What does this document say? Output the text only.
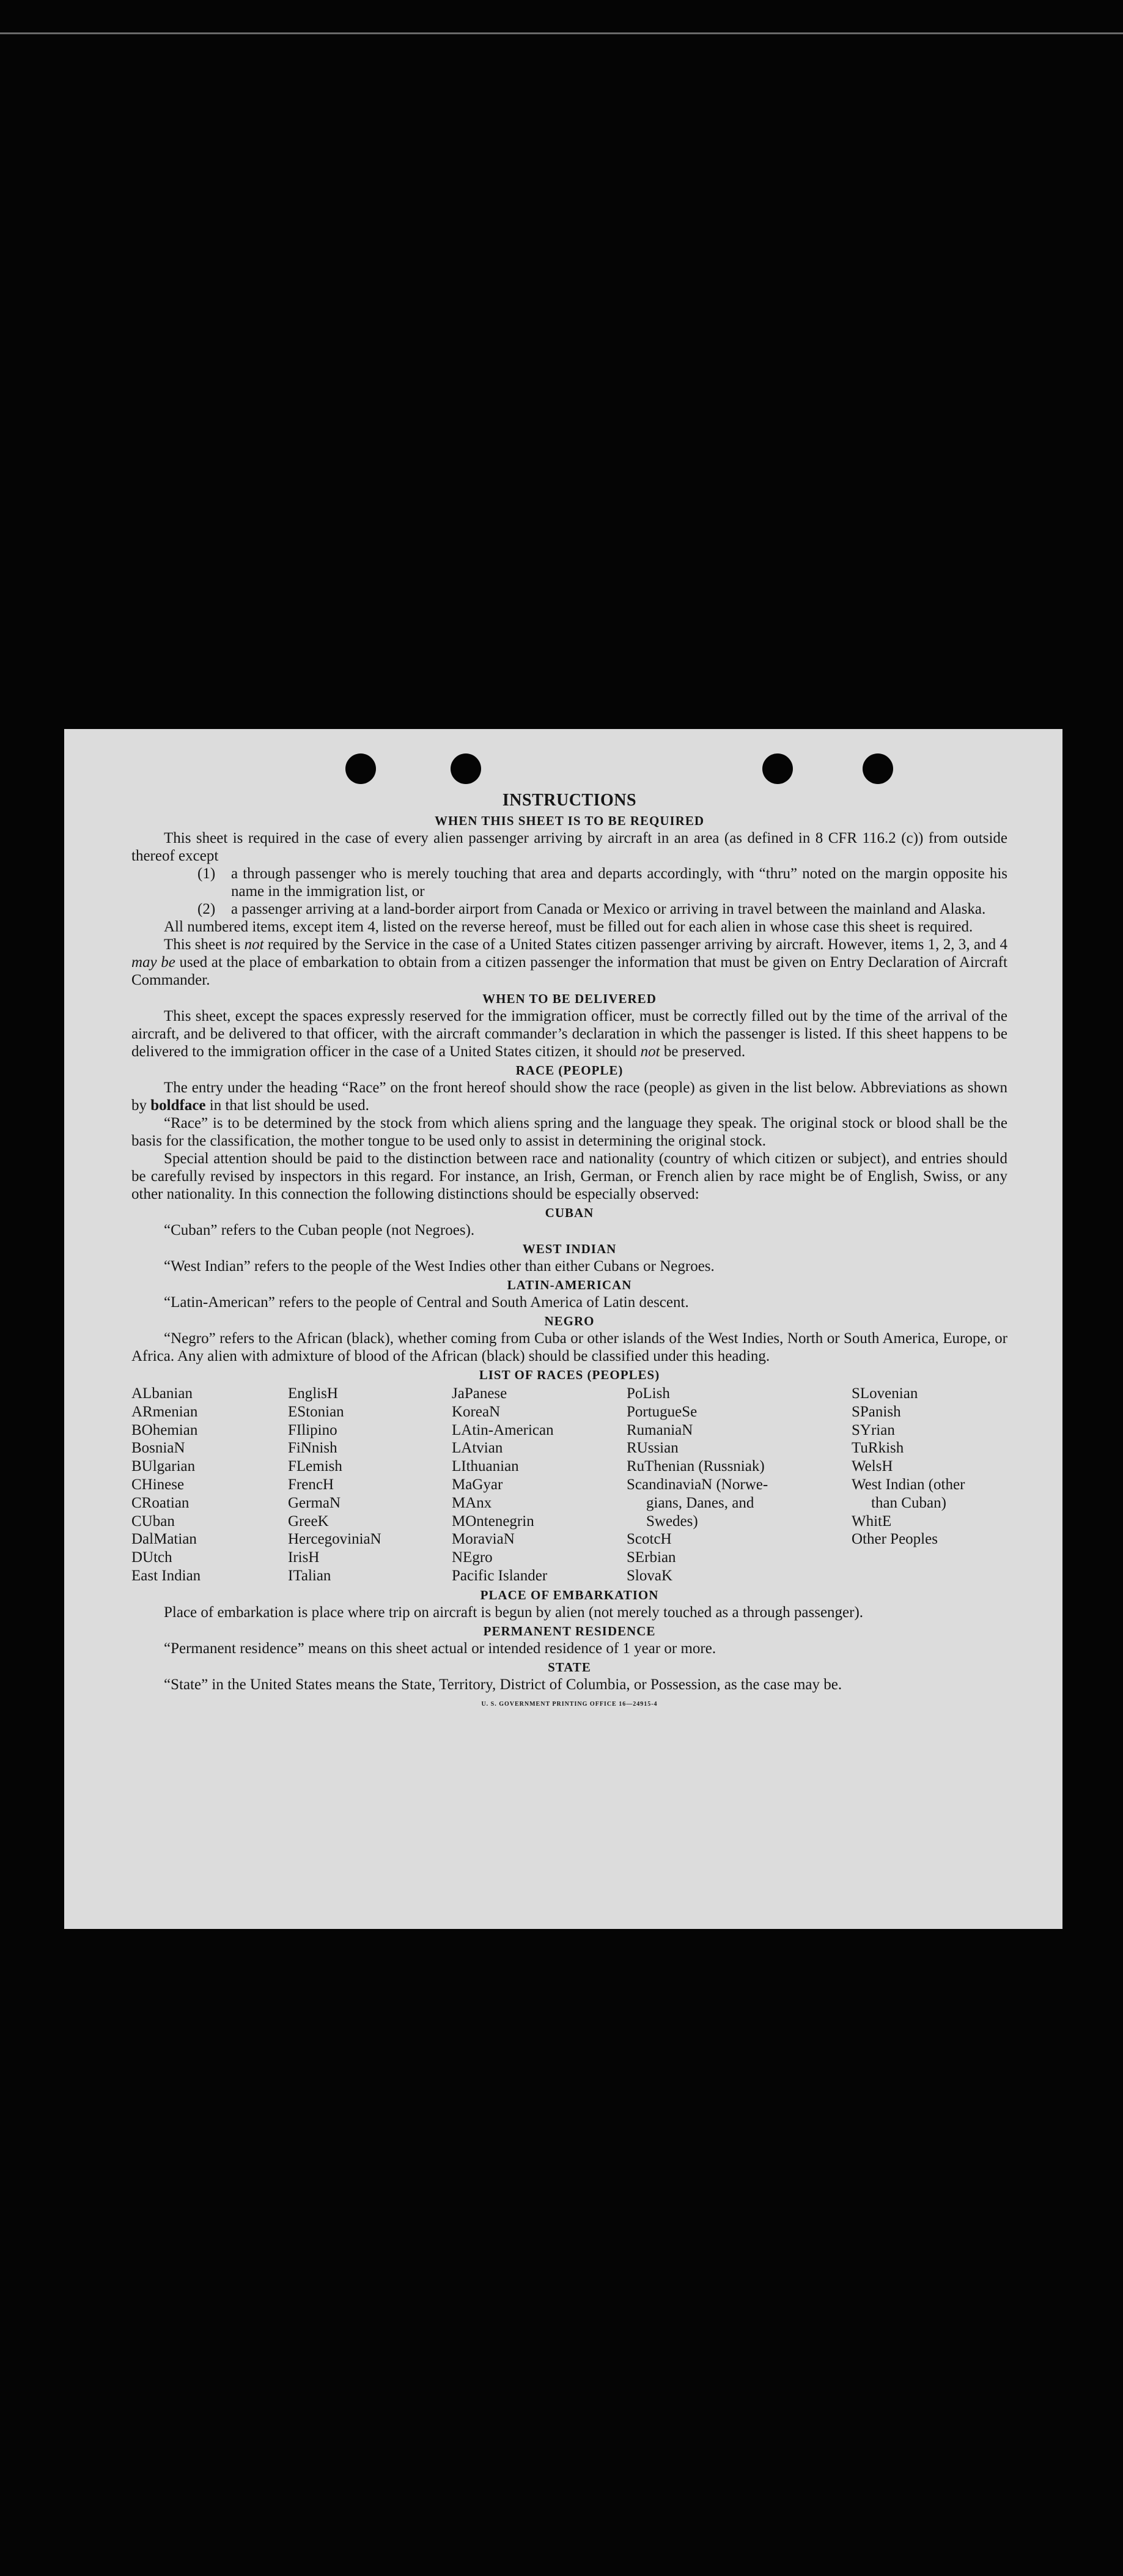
INSTRUCTIONS
WHEN THIS SHEET IS TO BE REQUIRED

This sheet is required in the case of every alien passenger arriving by aircraft in an area (as defined in 8 CFR 116.2 (c)) from outside thereof except

(1)	a through passenger who is merely touching that area and departs accordingly, with “thru” noted on the margin opposite his name in the immigration list, or

(2)	a passenger arriving at a land-border airport from Canada or Mexico or arriving in travel between the mainland and Alaska.

All numbered items, except item 4, listed on the reverse hereof, must be filled out for each alien in whose case this sheet is required.

This sheet is not required by the Service in the case of a United States citizen passenger arriving by aircraft. However, items 1, 2, 3, and 4 may be used at the place of embarkation to obtain from a citizen passenger the information that must be given on Entry Declaration of Aircraft Commander.

WHEN TO BE DELIVERED

This sheet, except the spaces expressly reserved for the immigration officer, must be correctly filled out by the time of the arrival of the aircraft, and be delivered to that officer, with the aircraft commander’s declaration in which the passenger is listed. If this sheet happens to be delivered to the immigration officer in the case of a United States citizen, it should not be preserved.

RACE (PEOPLE)

The entry under the heading “Race” on the front hereof should show the race (people) as given in the list below. Abbreviations as shown by boldface in that list should be used.

“Race” is to be determined by the stock from which aliens spring and the language they speak. The original stock or blood shall be the basis for the classification, the mother tongue to be used only to assist in determining the original stock.

Special attention should be paid to the distinction between race and nationality (country of which citizen or subject), and entries should be carefully revised by inspectors in this regard. For instance, an Irish, German, or French alien by race might be of English, Swiss, or any other nationality. In this connection the following distinctions should be especially observed:

CUBAN

“Cuban” refers to the Cuban people (not Negroes).

WEST INDIAN

“West Indian” refers to the people of the West Indies other than either Cubans or Negroes.

LATIN-AMERICAN

“Latin-American” refers to the people of Central and South America of Latin descent.

NEGRO

“Negro” refers to the African (black), whether coming from Cuba or other islands of the West Indies, North or South America, Europe, or Africa. Any alien with admixture of blood of the African (black) should be classified under this heading.

LIST OF RACES (PEOPLES)
ALbanian
ARmenian
BOhemian
BosniaN
BUlgarian
CHinese
CRoatian
CUban
DalMatian
DUtch
East Indian
EnglisH
EStonian
FIlipino
FiNnish
FLemish
FrencH
GermaN
GreeK
HercegoviniaN
IrisH
ITalian
JaPanese
KoreaN
LAtin-American
LAtvian
LIthuanian
MaGyar
MAnx
MOntenegrin
MoraviaN
NEgro
Pacific Islander
PoLish
PortugueSe
RumaniaN
RUssian
RuThenian (Russniak)
ScandinaviaN (Norwe-
gians, Danes, and
Swedes)
ScotcH
SErbian
SlovaK
SLovenian
SPanish
SYrian
TuRkish
WelsH
West Indian (other
than Cuban)
WhitE
Other Peoples
PLACE OF EMBARKATION

Place of embarkation is place where trip on aircraft is begun by alien (not merely touched as a through passenger).

PERMANENT RESIDENCE

“Permanent residence” means on this sheet actual or intended residence of 1 year or more.

STATE

“State” in the United States means the State, Territory, District of Columbia, or Possession, as the case may be.

U. S. GOVERNMENT PRINTING OFFICE 16—24915-4
